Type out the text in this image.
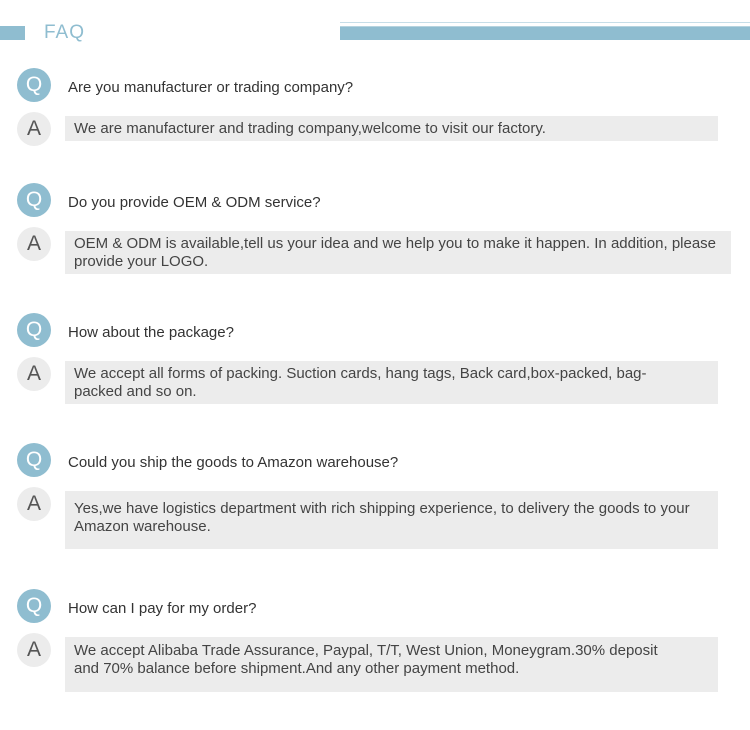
FAQ
Q	Are you manufacturer or trading company?
A	We are manufacturer and trading company,welcome to visit our factory.
Q	Do you provide OEM & ODM service?
A	OEM & ODM is available,tell us your idea and we help you to make it happen. In addition, please provide your LOGO.
Q	How about the package?
A	We accept all forms of packing. Suction cards, hang tags, Back card,box-packed, bag-packed and so on.
Q	Could you ship the goods to Amazon warehouse?
A	Yes,we have logistics department with rich shipping experience, to delivery the goods to your Amazon warehouse.
Q	How can I pay for my order?
A	We accept Alibaba Trade Assurance, Paypal, T/T, West Union, Moneygram.30% deposit and 70% balance before shipment.And any other payment method.
